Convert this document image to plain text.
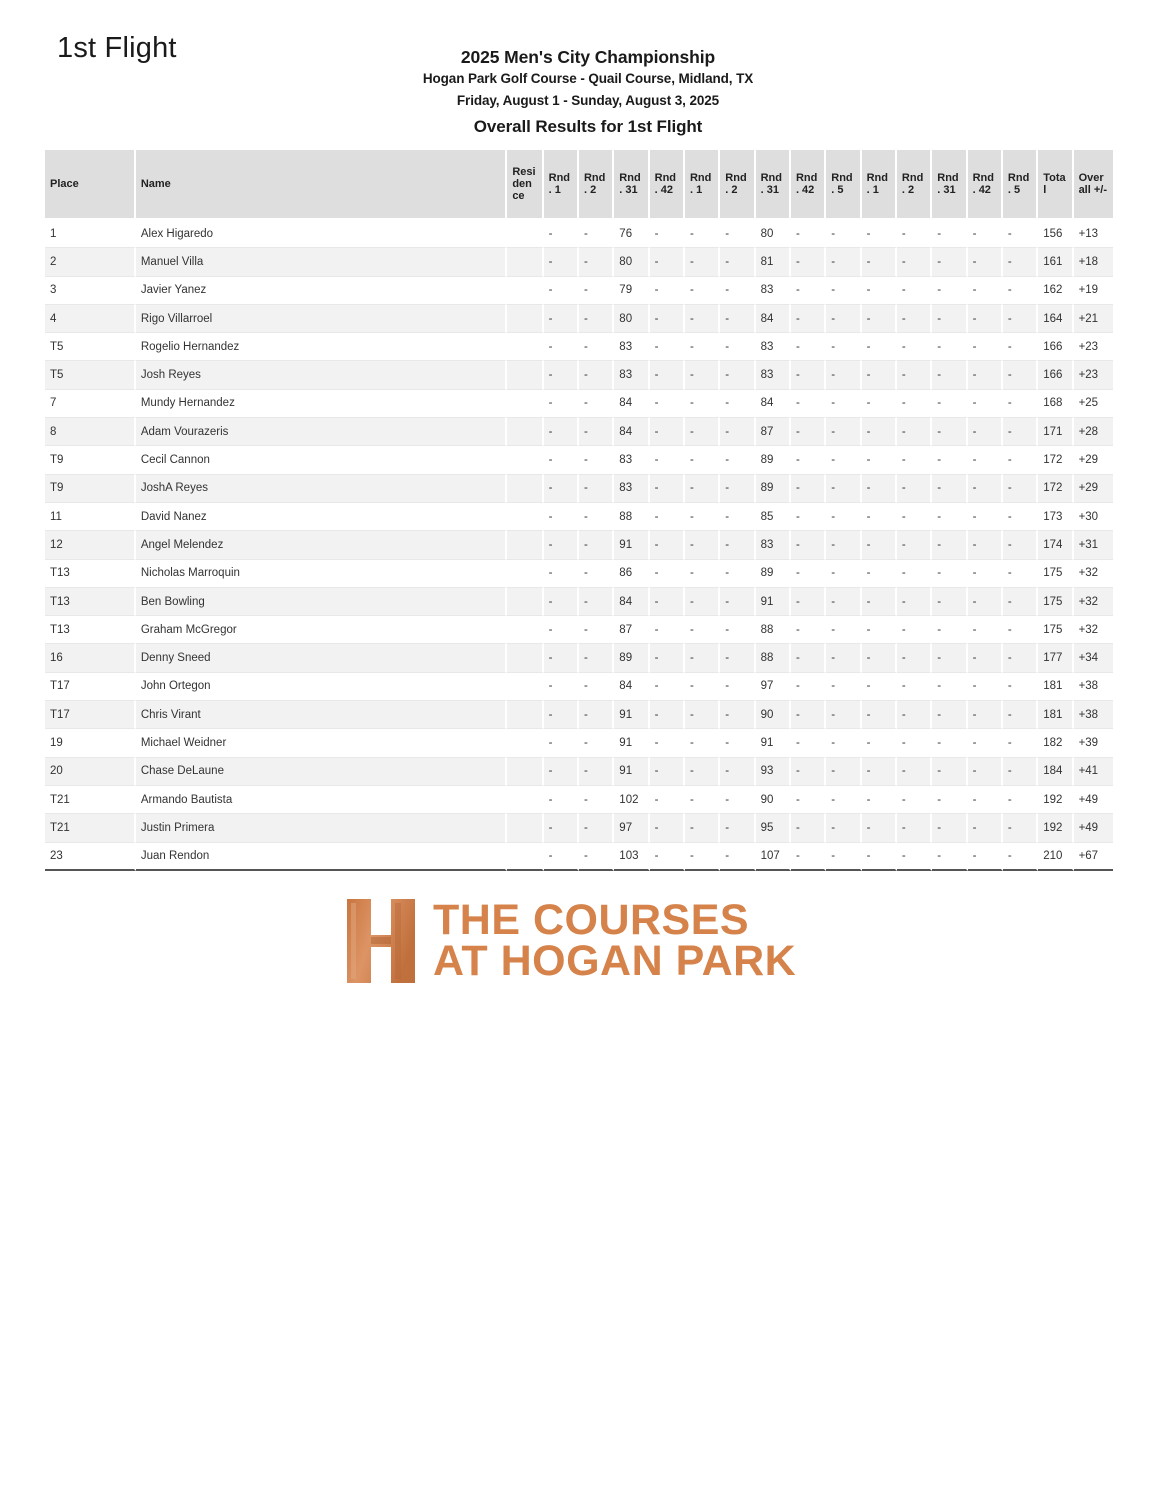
1st Flight	2025 Men's City Championship
Hogan Park Golf Course - Quail Course, Midland, TX
Friday, August 1 - Sunday, August 3, 2025
Overall Results for 1st Flight
Place	Name	Residence	Rnd. 1	Rnd. 2	Rnd. 31	Rnd. 42	Rnd. 1	Rnd. 2	Rnd. 31	Rnd. 42	Rnd. 5	Rnd. 1	Rnd. 2	Rnd. 31	Rnd. 42	Rnd. 5	Total	Overall +/-
1	Alex Higaredo		-	-	76	-	-	-	80	-	-	-	-	-	-	-	156	+13
2	Manuel Villa		-	-	80	-	-	-	81	-	-	-	-	-	-	-	161	+18
3	Javier Yanez		-	-	79	-	-	-	83	-	-	-	-	-	-	-	162	+19
4	Rigo Villarroel		-	-	80	-	-	-	84	-	-	-	-	-	-	-	164	+21
T5	Rogelio Hernandez		-	-	83	-	-	-	83	-	-	-	-	-	-	-	166	+23
T5	Josh Reyes		-	-	83	-	-	-	83	-	-	-	-	-	-	-	166	+23
7	Mundy Hernandez		-	-	84	-	-	-	84	-	-	-	-	-	-	-	168	+25
8	Adam Vourazeris		-	-	84	-	-	-	87	-	-	-	-	-	-	-	171	+28
T9	Cecil Cannon		-	-	83	-	-	-	89	-	-	-	-	-	-	-	172	+29
T9	JoshA Reyes		-	-	83	-	-	-	89	-	-	-	-	-	-	-	172	+29
11	David Nanez		-	-	88	-	-	-	85	-	-	-	-	-	-	-	173	+30
12	Angel Melendez		-	-	91	-	-	-	83	-	-	-	-	-	-	-	174	+31
T13	Nicholas Marroquin		-	-	86	-	-	-	89	-	-	-	-	-	-	-	175	+32
T13	Ben Bowling		-	-	84	-	-	-	91	-	-	-	-	-	-	-	175	+32
T13	Graham McGregor		-	-	87	-	-	-	88	-	-	-	-	-	-	-	175	+32
16	Denny Sneed		-	-	89	-	-	-	88	-	-	-	-	-	-	-	177	+34
T17	John Ortegon		-	-	84	-	-	-	97	-	-	-	-	-	-	-	181	+38
T17	Chris Virant		-	-	91	-	-	-	90	-	-	-	-	-	-	-	181	+38
19	Michael Weidner		-	-	91	-	-	-	91	-	-	-	-	-	-	-	182	+39
20	Chase DeLaune		-	-	91	-	-	-	93	-	-	-	-	-	-	-	184	+41
T21	Armando Bautista		-	-	102	-	-	-	90	-	-	-	-	-	-	-	192	+49
T21	Justin Primera		-	-	97	-	-	-	95	-	-	-	-	-	-	-	192	+49
23	Juan Rendon		-	-	103	-	-	-	107	-	-	-	-	-	-	-	210	+67
THE COURSES
AT HOGAN PARK
